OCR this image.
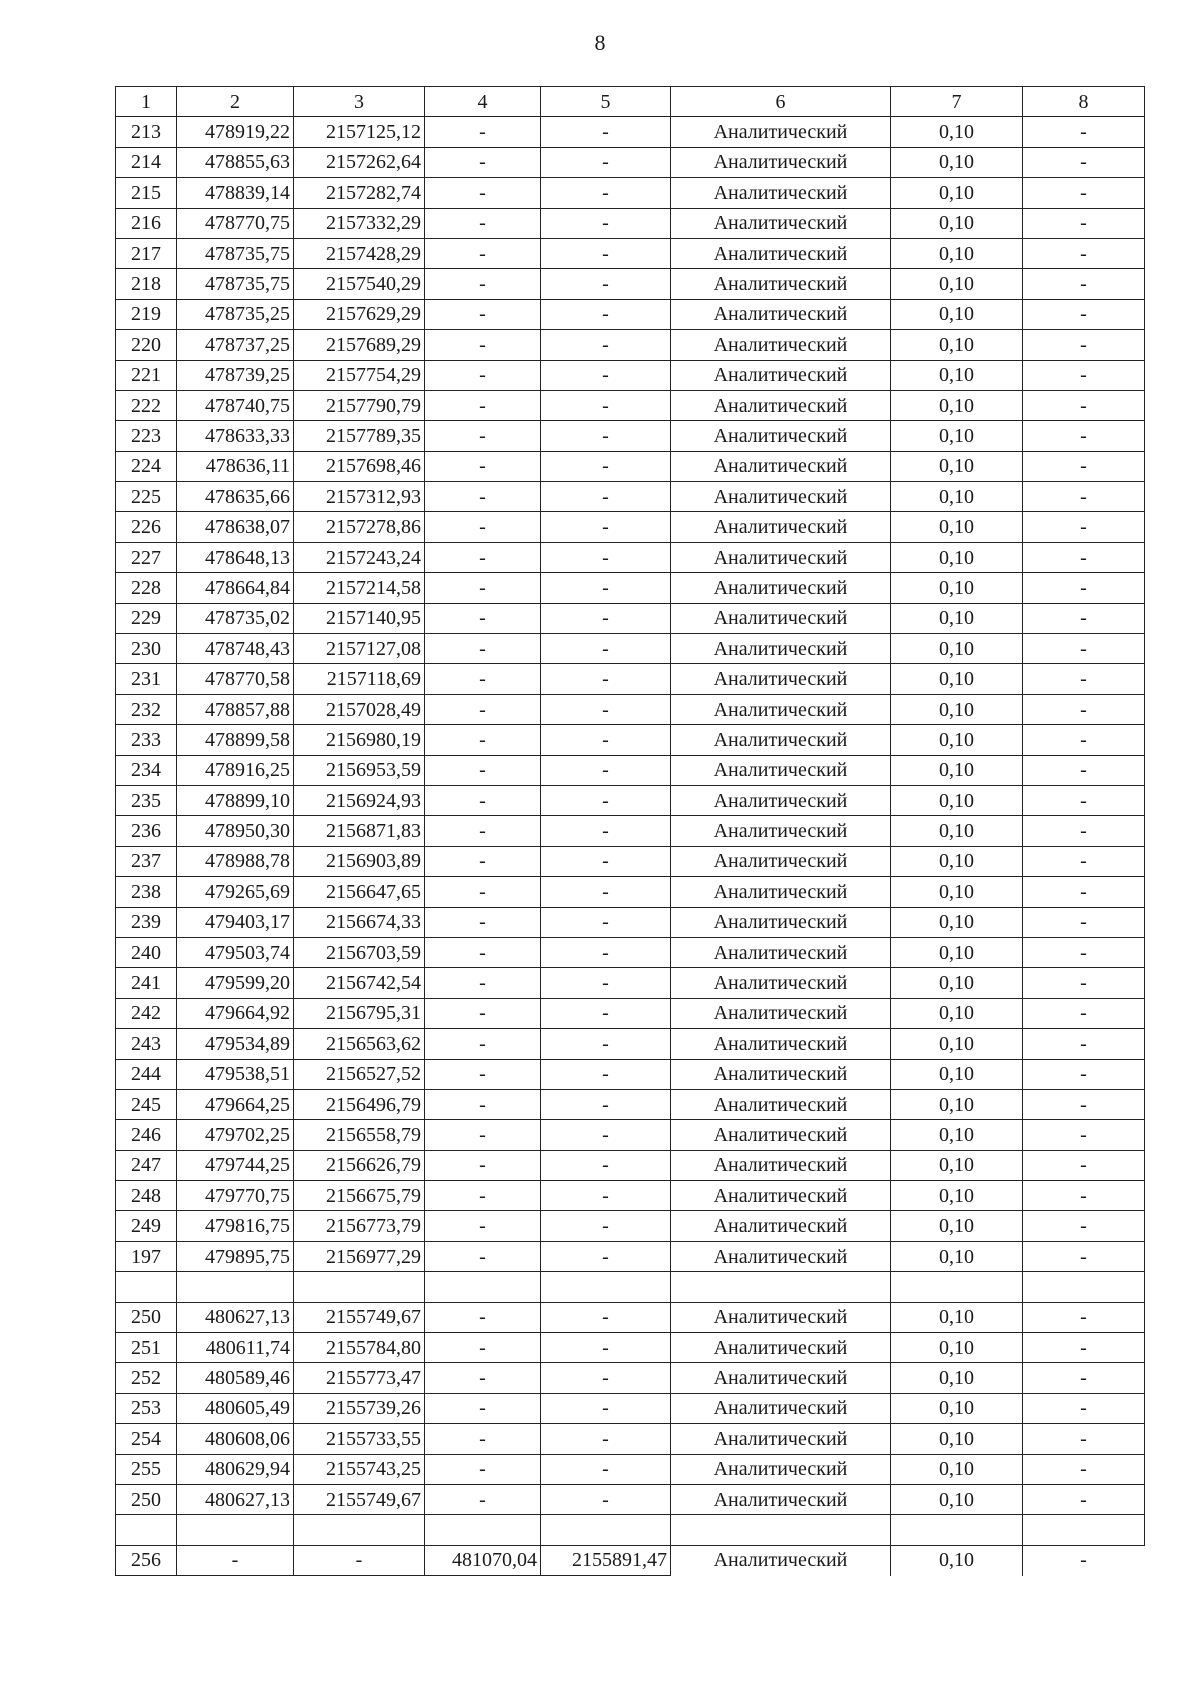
8
1	2	3	4	5	6	7	8
213	478919,22	2157125,12	-	-	Аналитический	0,10	-
214	478855,63	2157262,64	-	-	Аналитический	0,10	-
215	478839,14	2157282,74	-	-	Аналитический	0,10	-
216	478770,75	2157332,29	-	-	Аналитический	0,10	-
217	478735,75	2157428,29	-	-	Аналитический	0,10	-
218	478735,75	2157540,29	-	-	Аналитический	0,10	-
219	478735,25	2157629,29	-	-	Аналитический	0,10	-
220	478737,25	2157689,29	-	-	Аналитический	0,10	-
221	478739,25	2157754,29	-	-	Аналитический	0,10	-
222	478740,75	2157790,79	-	-	Аналитический	0,10	-
223	478633,33	2157789,35	-	-	Аналитический	0,10	-
224	478636,11	2157698,46	-	-	Аналитический	0,10	-
225	478635,66	2157312,93	-	-	Аналитический	0,10	-
226	478638,07	2157278,86	-	-	Аналитический	0,10	-
227	478648,13	2157243,24	-	-	Аналитический	0,10	-
228	478664,84	2157214,58	-	-	Аналитический	0,10	-
229	478735,02	2157140,95	-	-	Аналитический	0,10	-
230	478748,43	2157127,08	-	-	Аналитический	0,10	-
231	478770,58	2157118,69	-	-	Аналитический	0,10	-
232	478857,88	2157028,49	-	-	Аналитический	0,10	-
233	478899,58	2156980,19	-	-	Аналитический	0,10	-
234	478916,25	2156953,59	-	-	Аналитический	0,10	-
235	478899,10	2156924,93	-	-	Аналитический	0,10	-
236	478950,30	2156871,83	-	-	Аналитический	0,10	-
237	478988,78	2156903,89	-	-	Аналитический	0,10	-
238	479265,69	2156647,65	-	-	Аналитический	0,10	-
239	479403,17	2156674,33	-	-	Аналитический	0,10	-
240	479503,74	2156703,59	-	-	Аналитический	0,10	-
241	479599,20	2156742,54	-	-	Аналитический	0,10	-
242	479664,92	2156795,31	-	-	Аналитический	0,10	-
243	479534,89	2156563,62	-	-	Аналитический	0,10	-
244	479538,51	2156527,52	-	-	Аналитический	0,10	-
245	479664,25	2156496,79	-	-	Аналитический	0,10	-
246	479702,25	2156558,79	-	-	Аналитический	0,10	-
247	479744,25	2156626,79	-	-	Аналитический	0,10	-
248	479770,75	2156675,79	-	-	Аналитический	0,10	-
249	479816,75	2156773,79	-	-	Аналитический	0,10	-
197	479895,75	2156977,29	-	-	Аналитический	0,10	-

250	480627,13	2155749,67	-	-	Аналитический	0,10	-
251	480611,74	2155784,80	-	-	Аналитический	0,10	-
252	480589,46	2155773,47	-	-	Аналитический	0,10	-
253	480605,49	2155739,26	-	-	Аналитический	0,10	-
254	480608,06	2155733,55	-	-	Аналитический	0,10	-
255	480629,94	2155743,25	-	-	Аналитический	0,10	-
250	480627,13	2155749,67	-	-	Аналитический	0,10	-

256	-	-	481070,04	2155891,47	Аналитический	0,10	-
